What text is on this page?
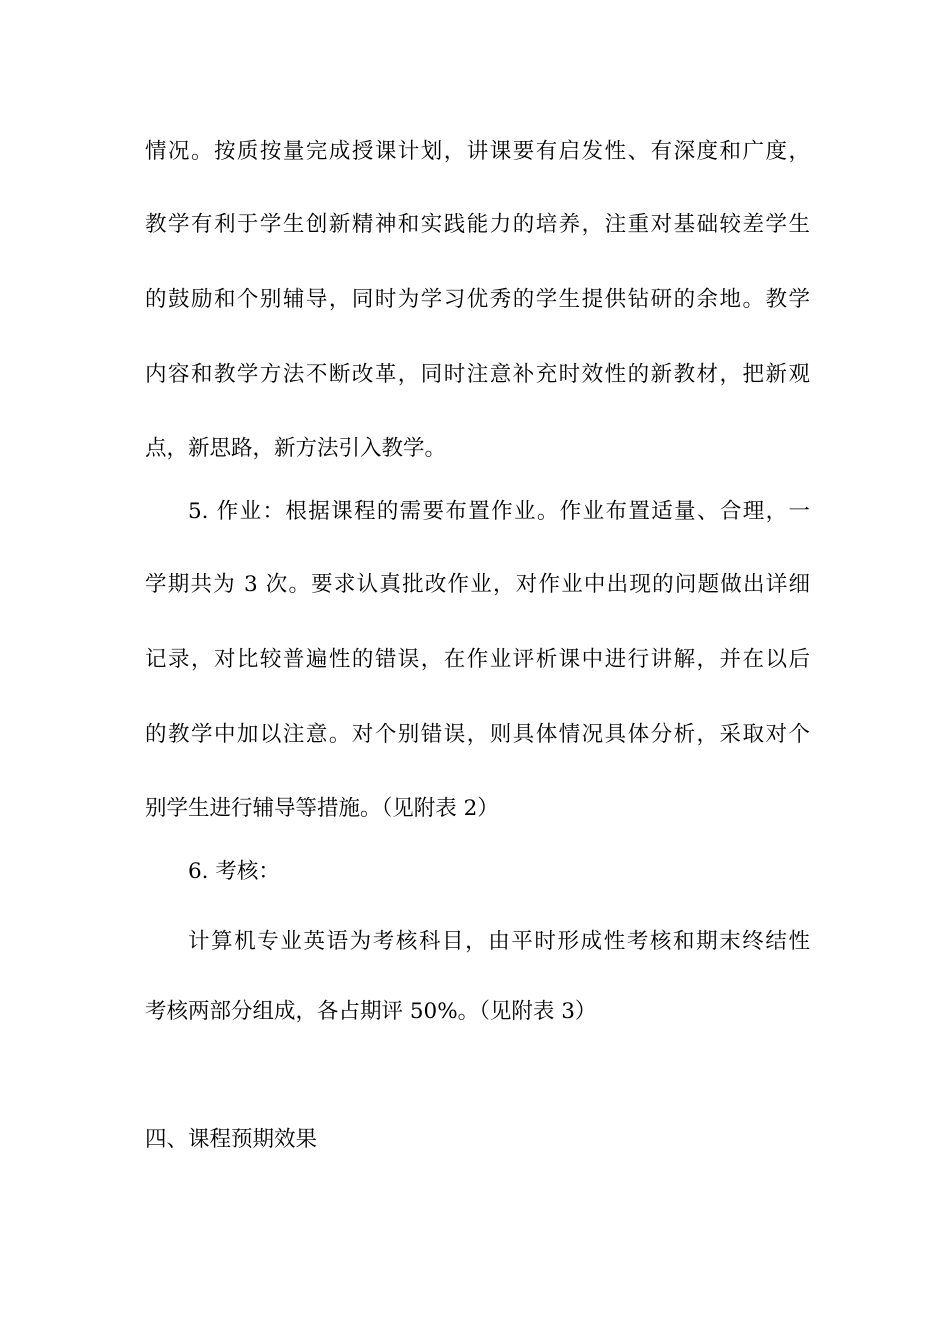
情况。按质按量完成授课计划，讲课要有启发性、有深度和广度，
教学有利于学生创新精神和实践能力的培养，注重对基础较差学生
的鼓励和个别辅导，同时为学习优秀的学生提供钻研的余地。教学
内容和教学方法不断改革，同时注意补充时效性的新教材，把新观
点，新思路，新方法引入教学。
5. 作业：根据课程的需要布置作业。作业布置适量、合理，一
学期共为 3 次。要求认真批改作业，对作业中出现的问题做出详细
记录，对比较普遍性的错误，在作业评析课中进行讲解，并在以后
的教学中加以注意。对个别错误，则具体情况具体分析，采取对个
别学生进行辅导等措施。（见附表 2）
6. 考核：
计算机专业英语为考核科目，由平时形成性考核和期末终结性
考核两部分组成，各占期评 50%。（见附表 3）
四、课程预期效果
